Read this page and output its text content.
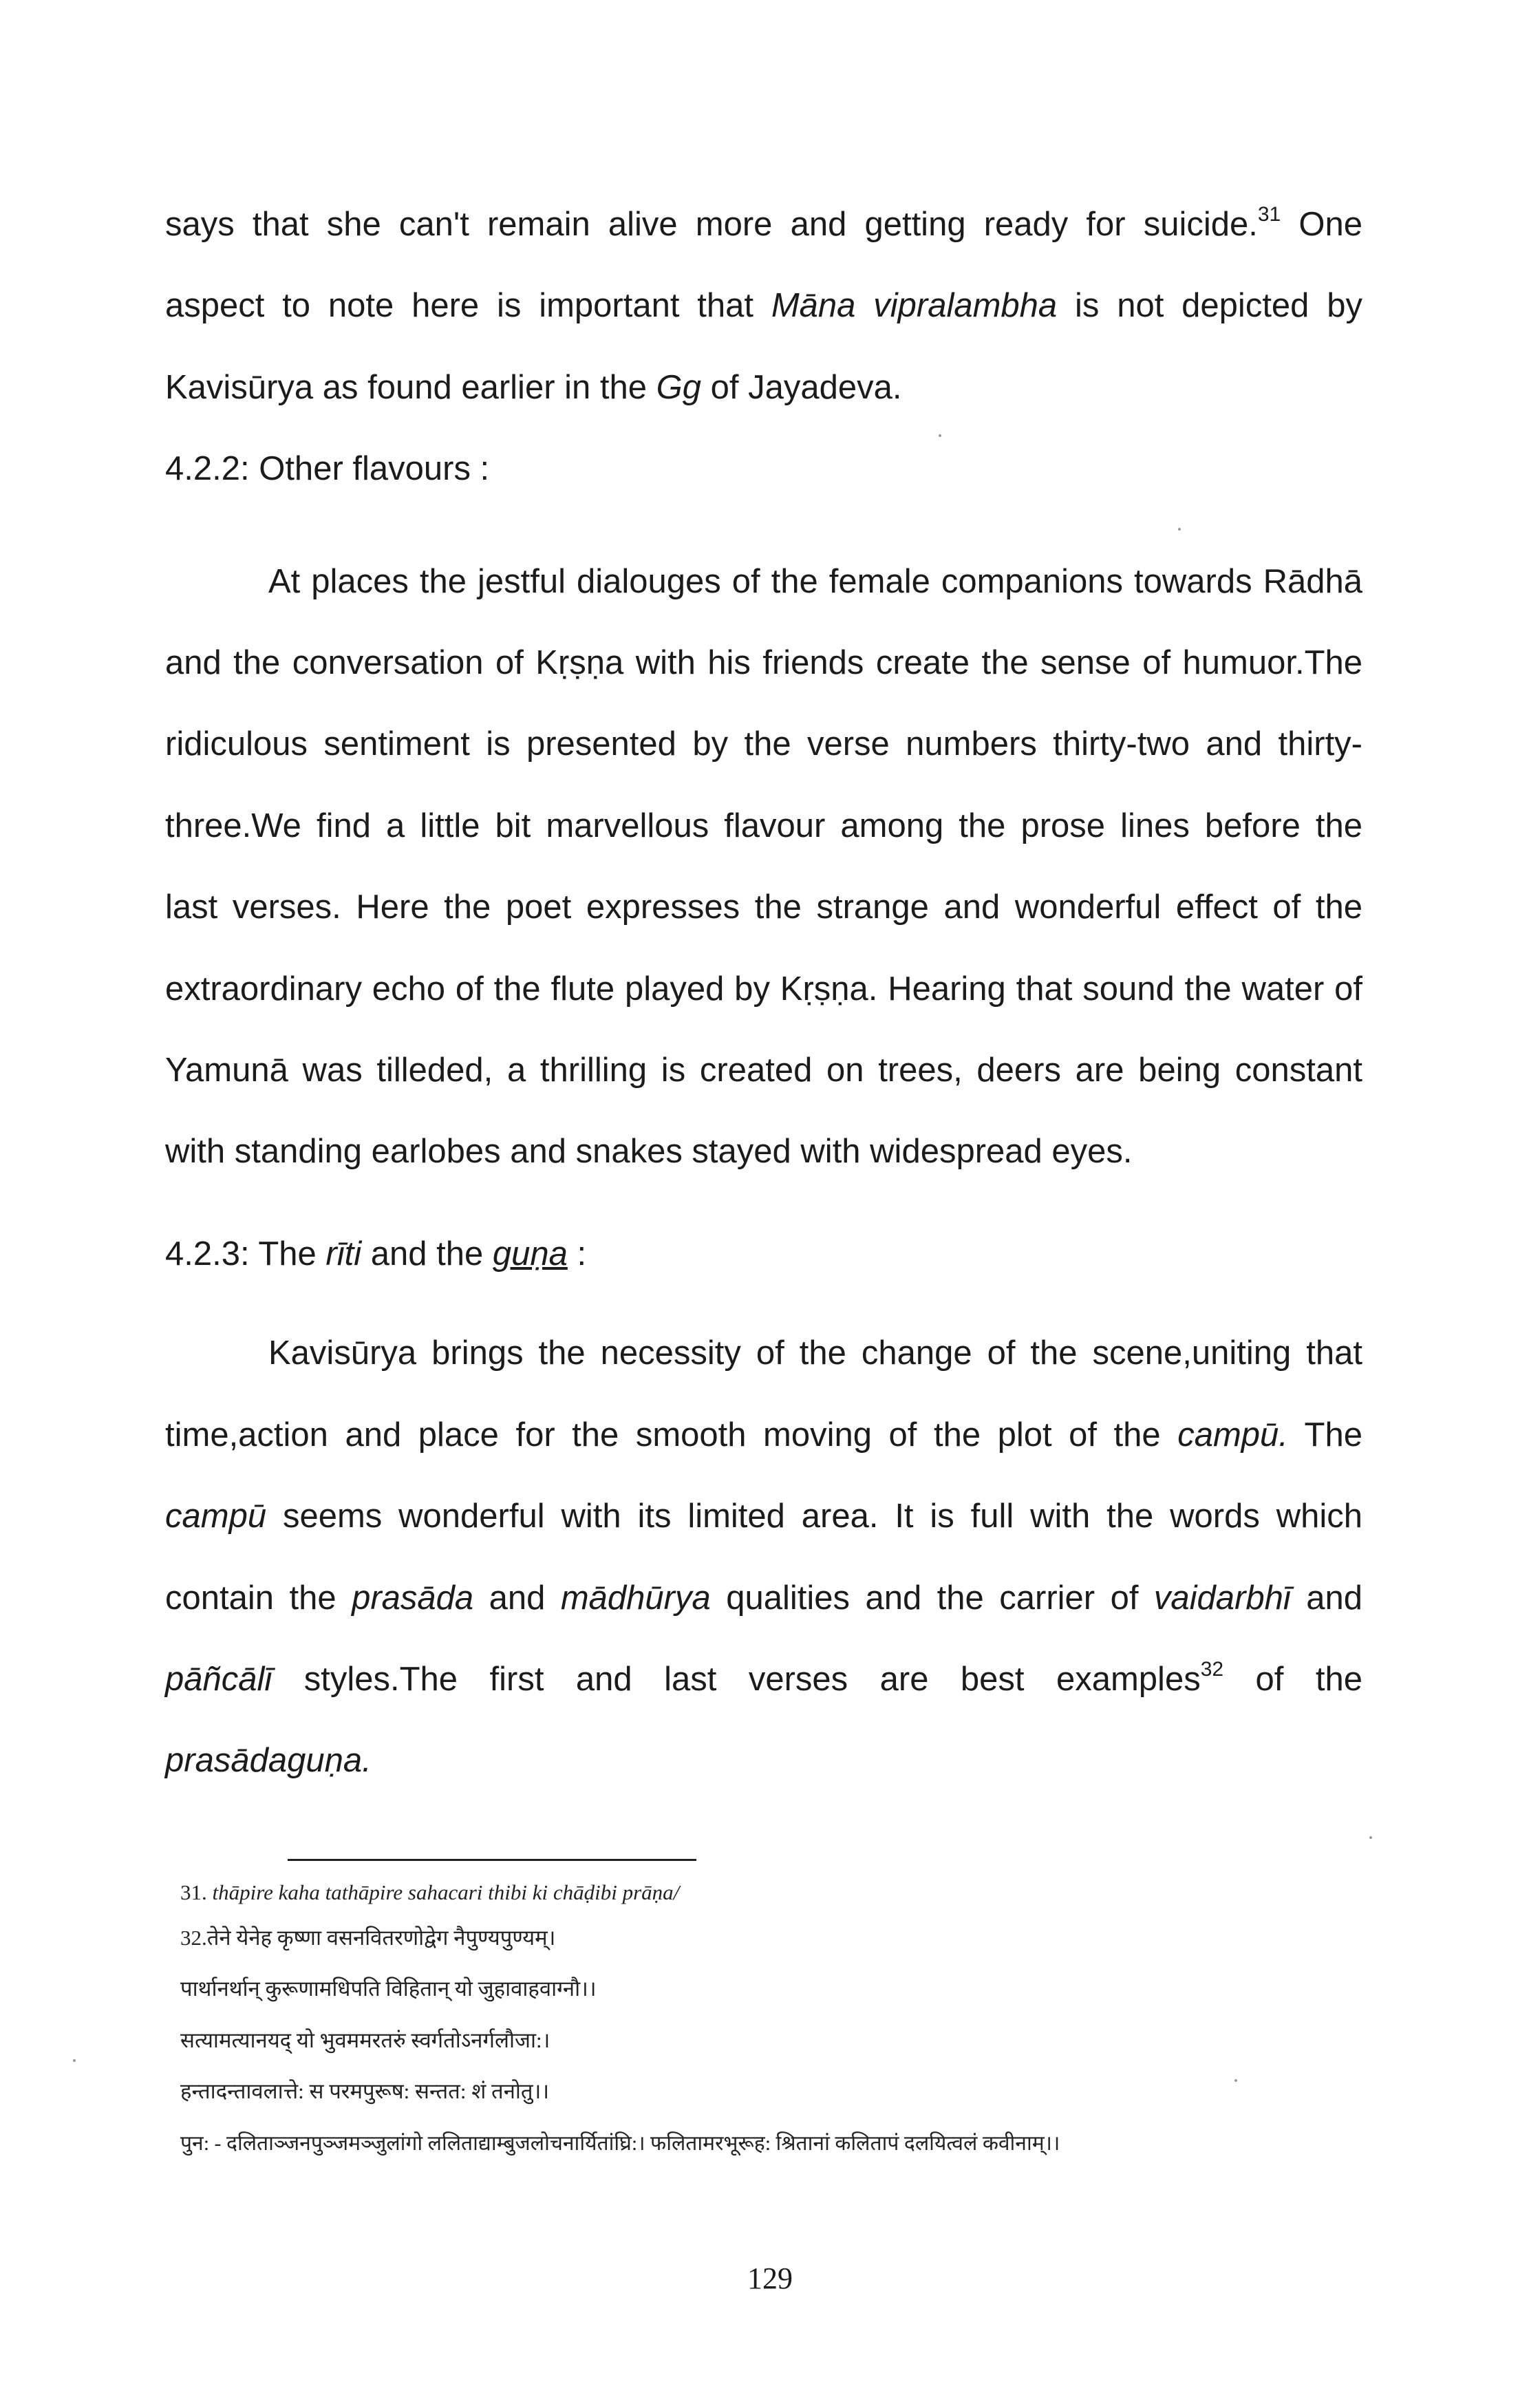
says that she can't remain alive more and getting ready for suicide.$^{31}$ One
aspect to note here is important that Māna vipralambha is not depicted by
Kavisūrya as found earlier in the Gg of Jayadeva.
4.2.2: Other flavours :
At places the jestful dialouges of the female companions towards Rādhā
and the conversation of Kṛṣṇa with his friends create the sense of humuor.The
ridiculous sentiment is presented by the verse numbers thirty-two and thirty-
three.We find a little bit marvellous flavour among the prose lines before the
last verses. Here the poet expresses the strange and wonderful effect of the
extraordinary echo of the flute played by Kṛṣṇa. Hearing that sound the water of
Yamunā was tilleded, a thrilling is created on trees, deers are being constant
with standing earlobes and snakes stayed with widespread eyes.
4.2.3: The rīti and the guṇa :
Kavisūrya brings the necessity of the change of the scene,uniting that
time,action and place for the smooth moving of the plot of the campū. The
campū seems wonderful with its limited area. It is full with the words which
contain the prasāda and mādhūrya qualities and the carrier of vaidarbhī and
pāñcālī styles.The first and last verses are best examples$^{32}$ of the
prasādaguṇa.
31. thāpire kaha tathāpire sahacari thibi ki chāḍibi prāṇa/
32.तेने येनेह कृष्णा वसनवितरणोद्वेग नैपुण्यपुण्यम्।
पार्थानर्थान् कुरूणामधिपति विहितान् यो जुहावाहवाग्नौ।।
सत्यामत्यानयद् यो भुवममरतरुं स्वर्गतोऽनर्गलौजा:।
हन्तादन्तावलात्ते: स परमपुरूष: सन्तत: शं तनोतु।।
पुन: - दलिताञ्जनपुञ्जमञ्जुलांगो ललिताद्याम्बुजलोचनार्यितांघ्रि:। फलितामरभूरूह: श्रितानां कलितापं दलयित्वलं कवीनाम्।।
129
